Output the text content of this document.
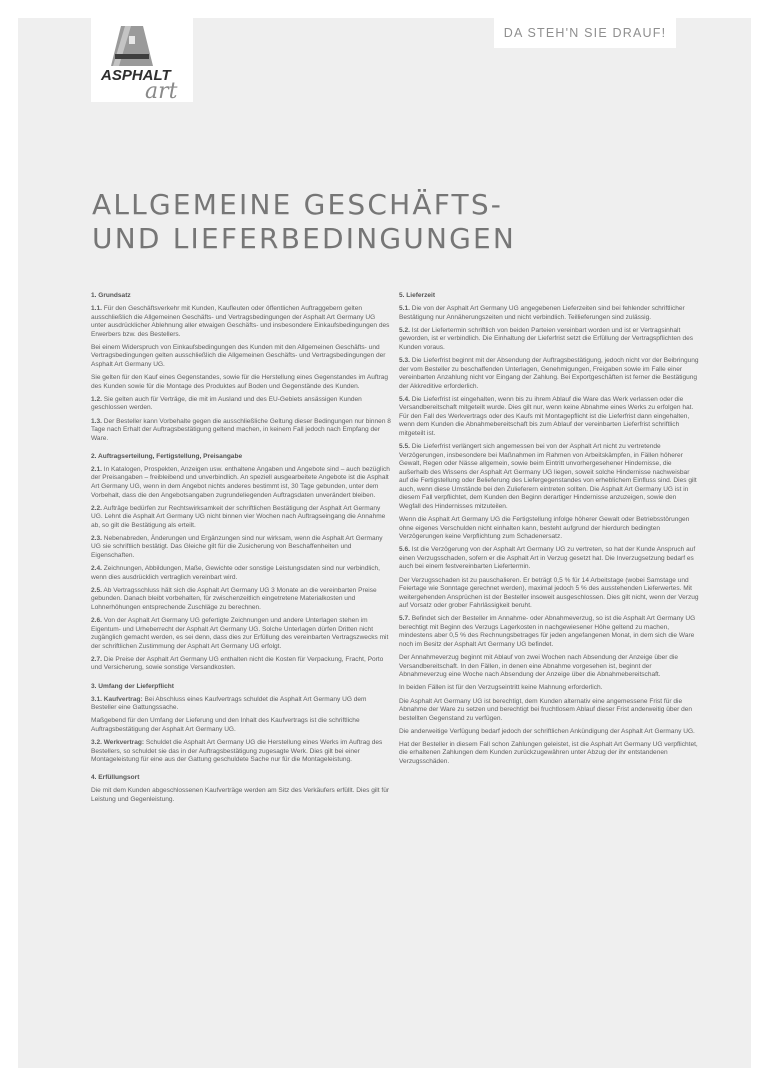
ASPHALT
art
DA STEH'N SIE DRAUF!
ALLGEMEINE GESCHÄFTS-
UND LIEFERBEDINGUNGEN
1. Grundsatz
1.1. Für den Geschäftsverkehr mit Kunden, Kaufleuten oder öffentlichen Auftraggebern gelten ausschließlich die Allgemeinen Geschäfts- und Vertragsbedingungen der Asphalt Art Germany UG unter ausdrücklicher Ablehnung aller etwaigen Geschäfts- und insbesondere Einkaufsbedingungen des Erwerbers bzw. des Bestellers.
Bei einem Widerspruch von Einkaufsbedingungen des Kunden mit den Allgemeinen Geschäfts- und Vertragsbedingungen gelten ausschließlich die Allgemeinen Geschäfts- und Vertragsbedingungen der Asphalt Art Germany UG.
Sie gelten für den Kauf eines Gegenstandes, sowie für die Herstellung eines Gegenstandes im Auftrag des Kunden sowie für die Montage des Produktes auf Boden und Gegenstände des Kunden.
1.2. Sie gelten auch für Verträge, die mit im Ausland und des EU-Gebiets ansässigen Kunden geschlossen werden.
1.3. Der Besteller kann Vorbehalte gegen die ausschließliche Geltung dieser Bedingungen nur binnen 8 Tage nach Erhalt der Auftragsbestätigung geltend machen, in keinem Fall jedoch nach Empfang der Ware.
2. Auftragserteilung, Fertigstellung, Preisangabe
2.1. In Katalogen, Prospekten, Anzeigen usw. enthaltene Angaben und Angebote sind – auch bezüglich der Preisangaben – freibleibend und unverbindlich. An speziell ausgearbeitete Angebote ist die Asphalt Art Germany UG, wenn in dem Angebot nichts anderes bestimmt ist, 30 Tage gebunden, unter dem Vorbehalt, dass die den Angebotsangaben zugrundeliegenden Auftragsdaten unverändert bleiben.
2.2. Aufträge bedürfen zur Rechtswirksamkeit der schriftlichen Bestätigung der Asphalt Art Germany UG. Lehnt die Asphalt Art Germany UG nicht binnen vier Wochen nach Auftragseingang die Annahme ab, so gilt die Bestätigung als erteilt.
2.3. Nebenabreden, Änderungen und Ergänzungen sind nur wirksam, wenn die Asphalt Art Germany UG sie schriftlich bestätigt. Das Gleiche gilt für die Zusicherung von Beschaffenheiten und Eigenschaften.
2.4. Zeichnungen, Abbildungen, Maße, Gewichte oder sonstige Leistungsdaten sind nur verbindlich, wenn dies ausdrücklich vertraglich vereinbart wird.
2.5. Ab Vertragsschluss hält sich die Asphalt Art Germany UG 3 Monate an die vereinbarten Preise gebunden. Danach bleibt vorbehalten, für zwischenzeitlich eingetretene Materialkosten und Lohnerhöhungen entsprechende Zuschläge zu berechnen.
2.6. Von der Asphalt Art Germany UG gefertigte Zeichnungen und andere Unterlagen stehen im Eigentum- und Urheberrecht der Asphalt Art Germany UG. Solche Unterlagen dürfen Dritten nicht zugänglich gemacht werden, es sei denn, dass dies zur Erfüllung des vereinbarten Vertragszwecks mit der schriftlichen Zustimmung der Asphalt Art Germany UG erfolgt.
2.7. Die Preise der Asphalt Art Germany UG enthalten nicht die Kosten für Verpackung, Fracht, Porto und Versicherung, sowie sonstige Versandkosten.
3. Umfang der Lieferpflicht
3.1. Kaufvertrag: Bei Abschluss eines Kaufvertrags schuldet die Asphalt Art Germany UG dem Besteller eine Gattungssache.
Maßgebend für den Umfang der Lieferung und den Inhalt des Kaufvertrags ist die schriftliche Auftragsbestätigung der Asphalt Art Germany UG.
3.2. Werkvertrag: Schuldet die Asphalt Art Germany UG die Herstellung eines Werks im Auftrag des Bestellers, so schuldet sie das in der Auftragsbestätigung zugesagte Werk. Dies gilt bei einer Montageleistung für eine aus der Gattung geschuldete Sache nur für die Montageleistung.
4. Erfüllungsort
Die mit dem Kunden abgeschlossenen Kaufverträge werden am Sitz des Verkäufers erfüllt. Dies gilt für Leistung und Gegenleistung.
5. Lieferzeit
5.1. Die von der Asphalt Art Germany UG angegebenen Lieferzeiten sind bei fehlender schriftlicher Bestätigung nur Annäherungszeiten und nicht verbindlich. Teillieferungen sind zulässig.
5.2. Ist der Liefertermin schriftlich von beiden Parteien vereinbart worden und ist er Vertragsinhalt geworden, ist er verbindlich. Die Einhaltung der Lieferfrist setzt die Erfüllung der Vertragspflichten des Kunden voraus.
5.3. Die Lieferfrist beginnt mit der Absendung der Auftragsbestätigung, jedoch nicht vor der Beibringung der vom Besteller zu beschaffenden Unterlagen, Genehmigungen, Freigaben sowie im Falle einer vereinbarten Anzahlung nicht vor Eingang der Zahlung. Bei Exportgeschäften ist ferner die Bestätigung der Akkreditive erforderlich.
5.4. Die Lieferfrist ist eingehalten, wenn bis zu ihrem Ablauf die Ware das Werk verlassen oder die Versandbereitschaft mitgeteilt wurde. Dies gilt nur, wenn keine Abnahme eines Werks zu erfolgen hat. Für den Fall des Werkvertrags oder des Kaufs mit Montagepflicht ist die Lieferfrist dann eingehalten, wenn dem Kunden die Abnahmebereitschaft bis zum Ablauf der vereinbarten Lieferfrist schriftlich mitgeteilt ist.
5.5. Die Lieferfrist verlängert sich angemessen bei von der Asphalt Art nicht zu vertretende Verzögerungen, insbesondere bei Maßnahmen im Rahmen von Arbeitskämpfen, in Fällen höherer Gewalt, Regen oder Nässe allgemein, sowie beim Eintritt unvorhergesehener Hindernisse, die außerhalb des Wissens der Asphalt Art Germany UG liegen, soweit solche Hindernisse nachweisbar auf die Fertigstellung oder Belieferung des Liefergegenstandes von erheblichem Einfluss sind. Dies gilt auch, wenn diese Umstände bei den Zulieferern eintreten sollten. Die Asphalt Art Germany UG ist in diesem Fall verpflichtet, dem Kunden den Beginn derartiger Hindernisse anzuzeigen, sowie den Wegfall des Hindernisses mitzuteilen.
Wenn die Asphalt Art Germany UG die Fertigstellung infolge höherer Gewalt oder Betriebsstörungen ohne eigenes Verschulden nicht einhalten kann, besteht aufgrund der hierdurch bedingten Verzögerungen keine Verpflichtung zum Schadenersatz.
5.6. Ist die Verzögerung von der Asphalt Art Germany UG zu vertreten, so hat der Kunde Anspruch auf einen Verzugsschaden, sofern er die Asphalt Art in Verzug gesetzt hat. Die Inverzugsetzung bedarf es auch bei einem festvereinbarten Liefertermin.
Der Verzugsschaden ist zu pauschalieren. Er beträgt 0,5 % für 14 Arbeitstage (wobei Samstage und Feiertage wie Sonntage gerechnet werden), maximal jedoch 5 % des ausstehenden Lieferwertes. Mit weitergehenden Ansprüchen ist der Besteller insoweit ausgeschlossen. Dies gilt nicht, wenn der Verzug auf Vorsatz oder grober Fahrlässigkeit beruht.
5.7. Befindet sich der Besteller im Annahme- oder Abnahmeverzug, so ist die Asphalt Art Germany UG berechtigt mit Beginn des Verzugs Lagerkosten in nachgewiesener Höhe geltend zu machen, mindestens aber 0,5 % des Rechnungsbetrages für jeden angefangenen Monat, in dem sich die Ware noch im Besitz der Asphalt Art Germany UG befindet.
Der Annahmeverzug beginnt mit Ablauf von zwei Wochen nach Absendung der Anzeige über die Versandbereitschaft. In den Fällen, in denen eine Abnahme vorgesehen ist, beginnt der Abnahmeverzug eine Woche nach Absendung der Anzeige über die Abnahmebereitschaft.
In beiden Fällen ist für den Verzugseintritt keine Mahnung erforderlich.
Die Asphalt Art Germany UG ist berechtigt, dem Kunden alternativ eine angemessene Frist für die Abnahme der Ware zu setzen und berechtigt bei fruchtlosem Ablauf dieser Frist anderweitig über den bestellten Gegenstand zu verfügen.
Die anderweitige Verfügung bedarf jedoch der schriftlichen Ankündigung der Asphalt Art Germany UG.
Hat der Besteller in diesem Fall schon Zahlungen geleistet, ist die Asphalt Art Germany UG verpflichtet, die erhaltenen Zahlungen dem Kunden zurückzugewähren unter Abzug der ihr entstandenen Verzugsschäden.
